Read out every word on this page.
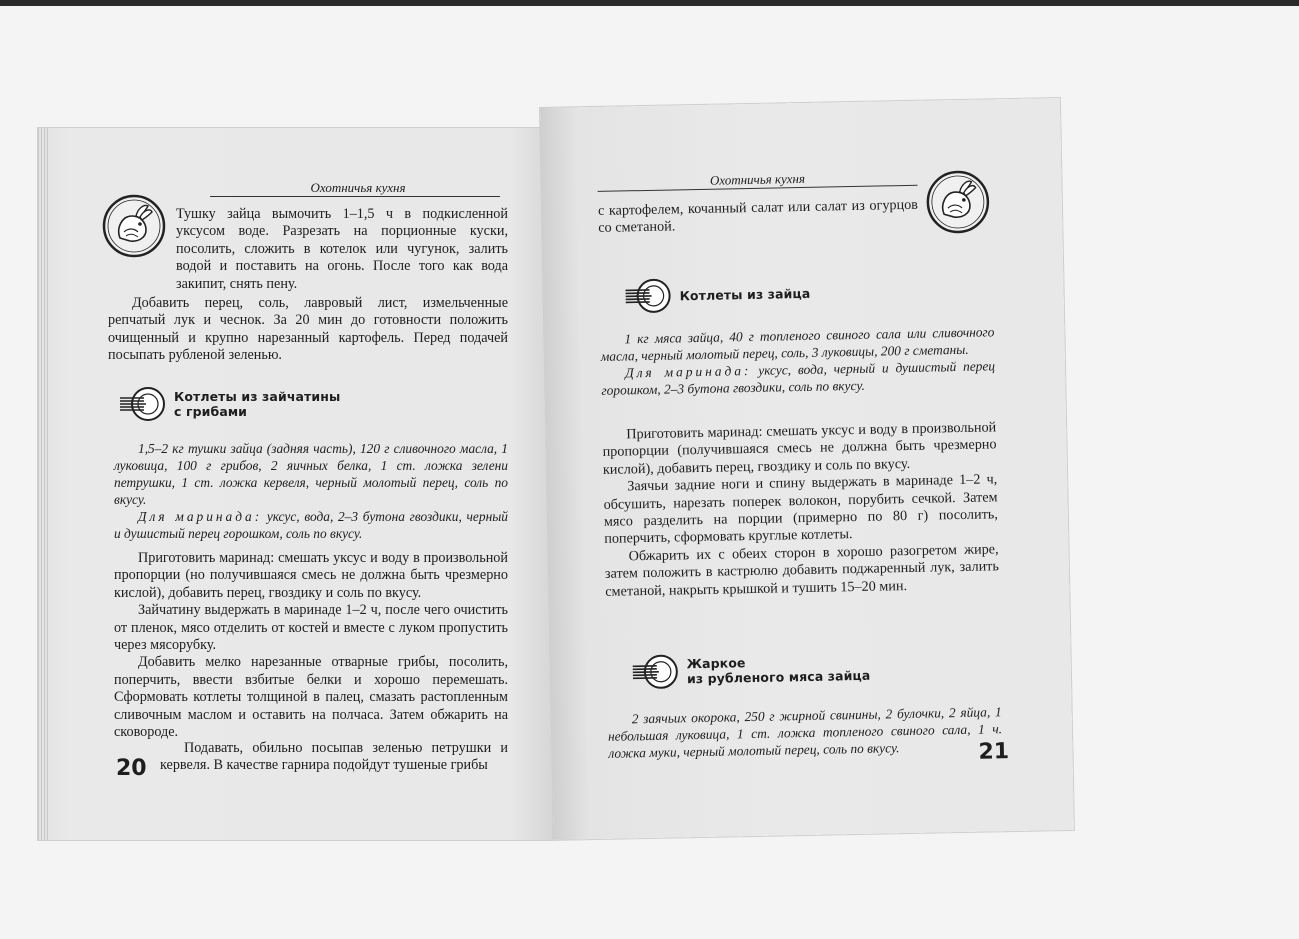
Охотничья кухня

Тушку зайца вымочить 1–1,5 ч в подкисленной уксусом воде. Разрезать на порционные куски, посолить, сложить в котелок или чугунок, залить водой и поставить на огонь. После того как вода закипит, снять пену.

Добавить перец, соль, лавровый лист, измельченные репчатый лук и чеснок. За 20 мин до готовности положить очищенный и крупно нарезанный картофель. Перед подачей посыпать рубленой зеленью.

Котлеты из зайчатины
с грибами

1,5–2 кг тушки зайца (задняя часть), 120 г сливочного масла, 1 луковица, 100 г грибов, 2 яичных белка, 1 ст. ложка зелени петрушки, 1 ст. ложка кервеля, черный молотый перец, соль по вкусу.

Для маринада: уксус, вода, 2–3 бутона гвоздики, черный и душистый перец горошком, соль по вкусу.

Приготовить маринад: смешать уксус и воду в произвольной пропорции (но получившаяся смесь не должна быть чрезмерно кислой), добавить перец, гвоздику и соль по вкусу.

Зайчатину выдержать в маринаде 1–2 ч, после чего очистить от пленок, мясо отделить от костей и вместе с луком пропустить через мясорубку.

Добавить мелко нарезанные отварные грибы, посолить, поперчить, ввести взбитые белки и хорошо перемешать. Сформовать котлеты толщиной в палец, смазать растопленным сливочным маслом и оставить на полчаса. Затем обжарить на сковороде.

Подавать, обильно посыпав зеленью петрушки и кервеля. В качестве гарнира подойдут тушеные грибы

20
Охотничья кухня

с картофелем, кочанный салат или салат из огурцов со сметаной.

Котлеты из зайца

1 кг мяса зайца, 40 г топленого свиного сала или сливочного масла, черный молотый перец, соль, 3 луковицы, 200 г сметаны.

Для маринада: уксус, вода, черный и душистый перец горошком, 2–3 бутона гвоздики, соль по вкусу.

Приготовить маринад: смешать уксус и воду в произвольной пропорции (получившаяся смесь не должна быть чрезмерно кислой), добавить перец, гвоздику и соль по вкусу.

Заячьи задние ноги и спину выдержать в маринаде 1–2 ч, обсушить, нарезать поперек волокон, порубить сечкой. Затем мясо разделить на порции (примерно по 80 г) посолить, поперчить, сформовать круглые котлеты.

Обжарить их с обеих сторон в хорошо разогретом жире, затем положить в кастрюлю добавить поджаренный лук, залить сметаной, накрыть крышкой и тушить 15–20 мин.

Жаркое
из рубленого мяса зайца

2 заячьих окорока, 250 г жирной свинины, 2 булочки, 2 яйца, 1 небольшая луковица, 1 ст. ложка топленого свиного сала, 1 ч. ложка муки, черный молотый перец, соль по вкусу.	21
